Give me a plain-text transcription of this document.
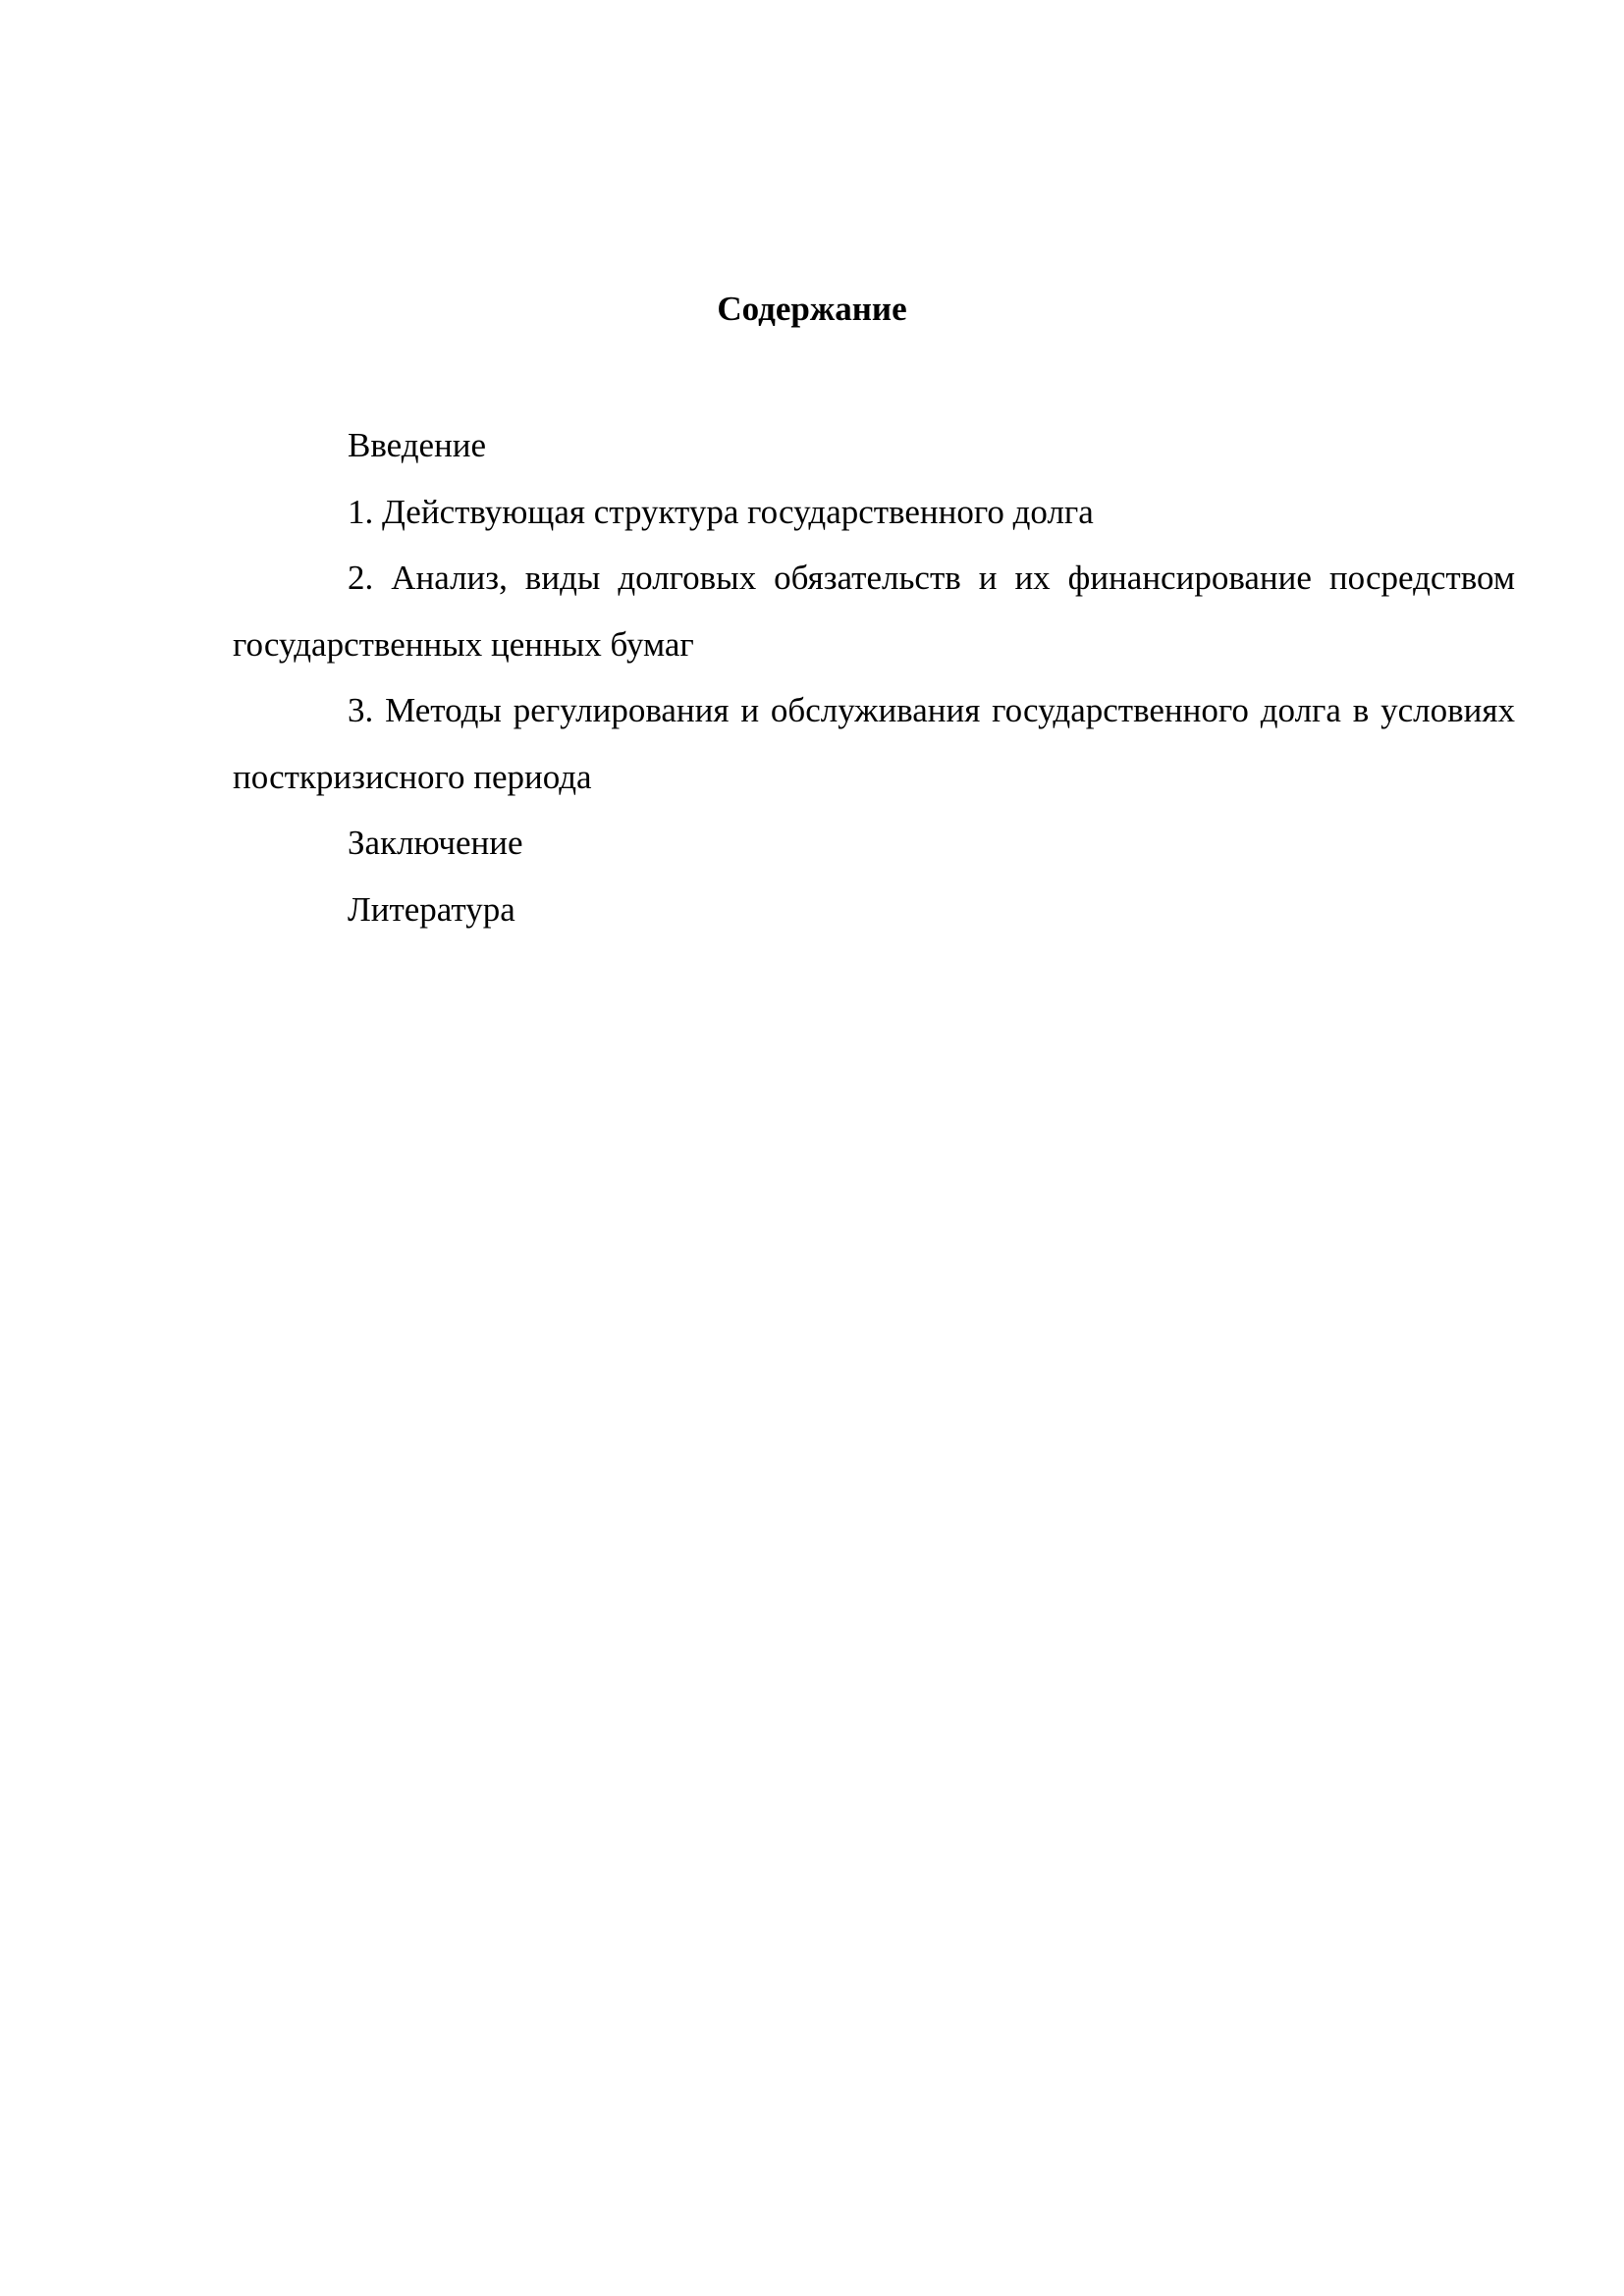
Содержание

Введение

1. Действующая структура государственного долга

2. Анализ, виды долговых обязательств и их финансирование посредством государственных ценных бумаг

3. Методы регулирования и обслуживания государственного долга в условиях посткризисного периода

Заключение

Литература
